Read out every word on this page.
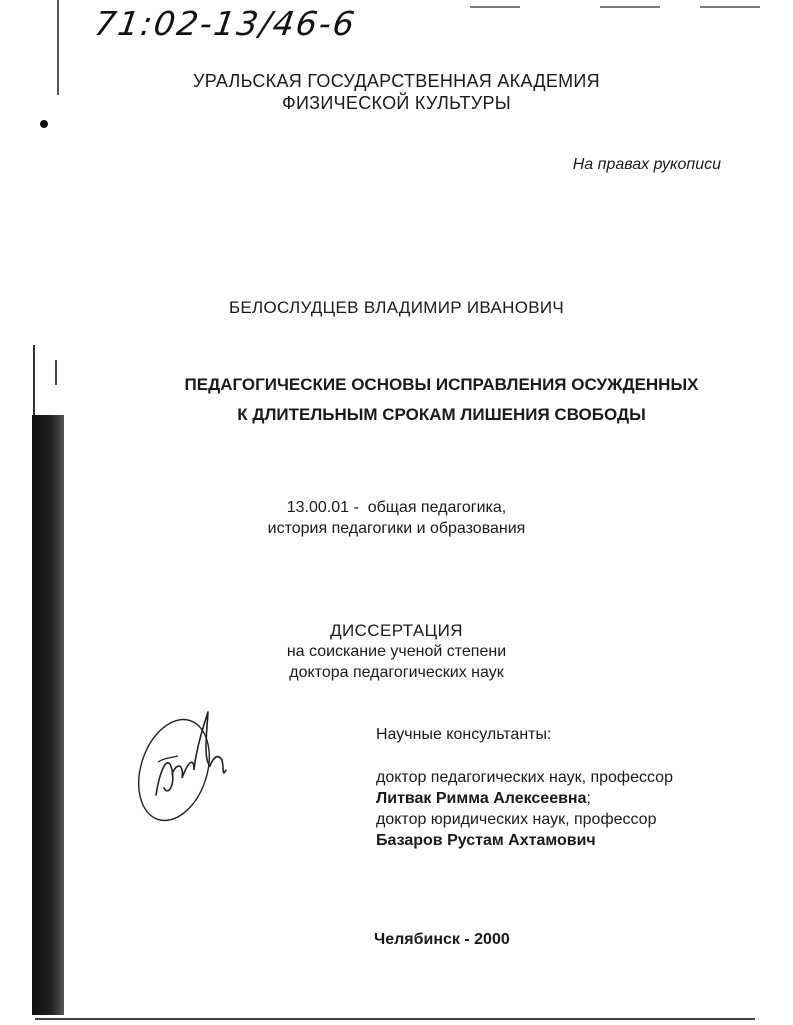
71:02-13/46-6
УРАЛЬСКАЯ ГОСУДАРСТВЕННАЯ АКАДЕМИЯ
ФИЗИЧЕСКОЙ КУЛЬТУРЫ
На правах рукописи
БЕЛОСЛУДЦЕВ ВЛАДИМИР ИВАНОВИЧ
ПЕДАГОГИЧЕСКИЕ ОСНОВЫ ИСПРАВЛЕНИЯ ОСУЖДЕННЫХ
К ДЛИТЕЛЬНЫМ СРОКАМ ЛИШЕНИЯ СВОБОДЫ
13.00.01 -  общая педагогика,
история педагогики и образования
ДИССЕРТАЦИЯ
на соискание ученой степени
доктора педагогических наук
Научные консультанты:
доктор педагогических наук, профессор
Литвак Римма Алексеевна;
доктор юридических наук, профессор
Базаров Рустам Ахтамович
Челябинск - 2000
